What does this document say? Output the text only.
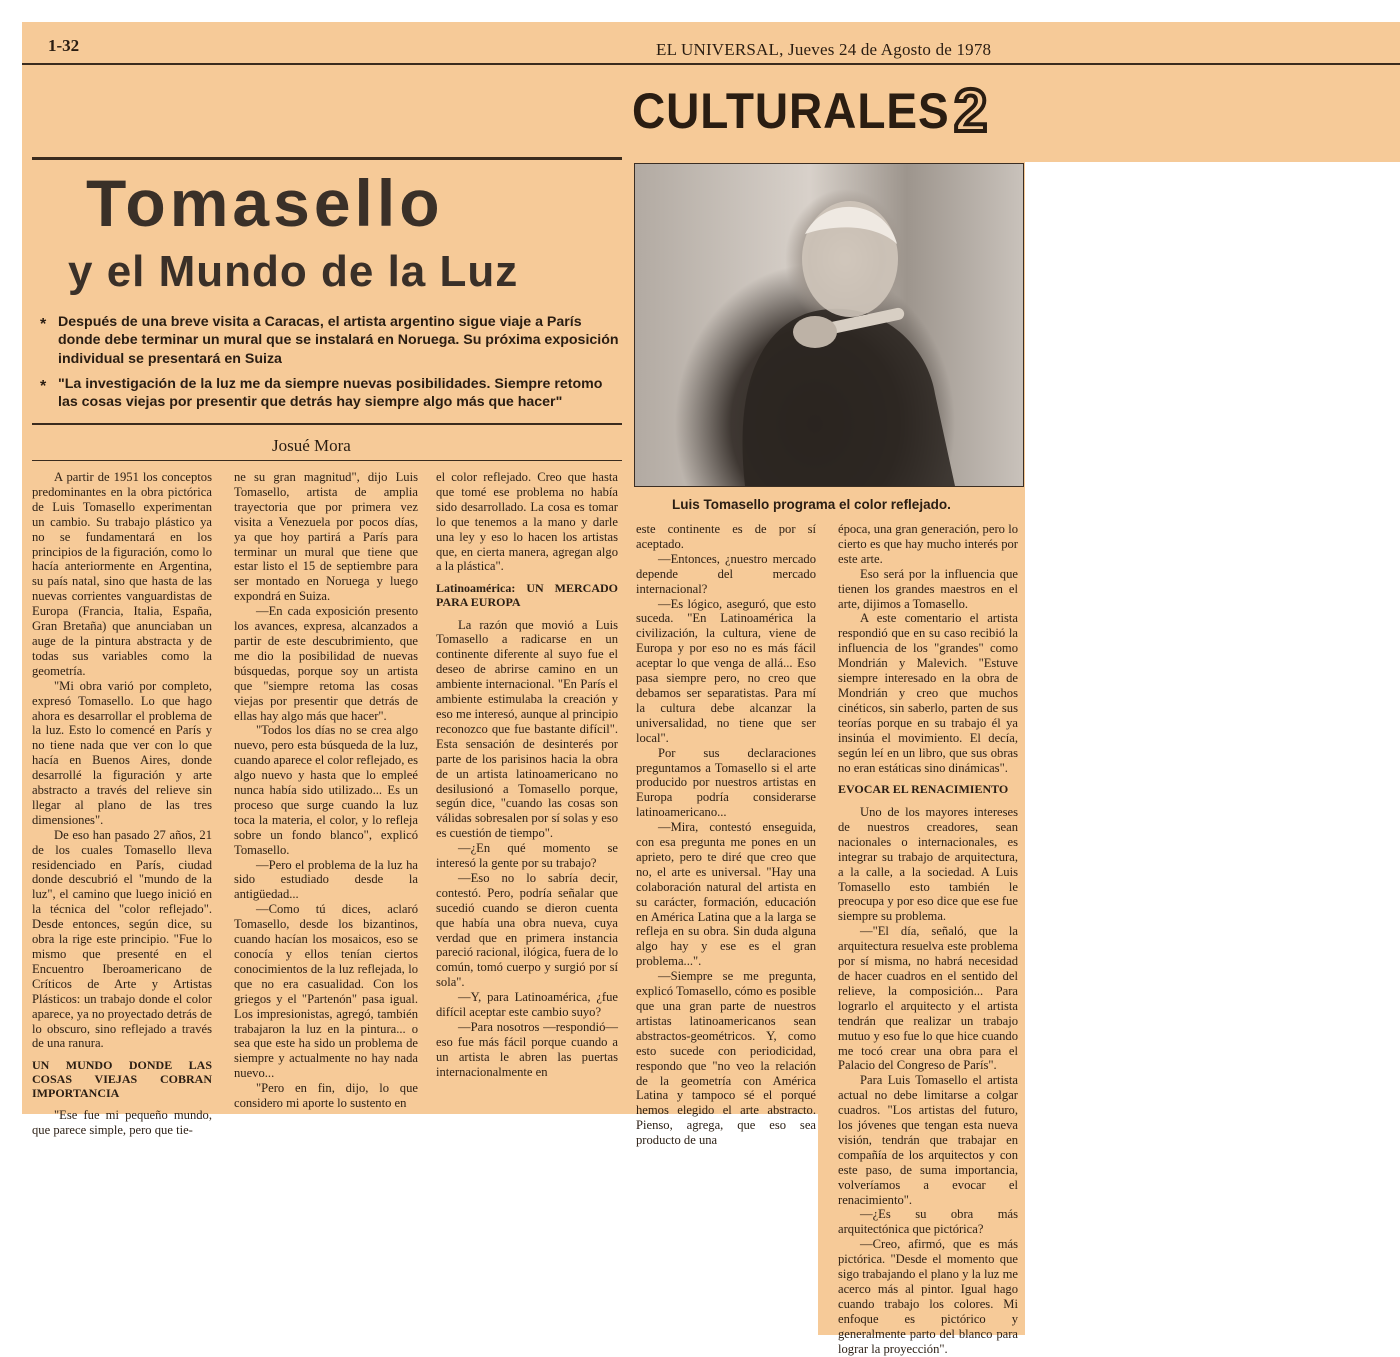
1-32	EL UNIVERSAL, Jueves 24 de Agosto de 1978
CULTURALES 2
Tomasello
y el Mundo de la Luz
* Después de una breve visita a Caracas, el artista argentino sigue viaje a París donde debe terminar un mural que se instalará en Noruega. Su próxima exposición individual se presentará en Suiza
* "La investigación de la luz me da siempre nuevas posibilidades. Siempre retomo las cosas viejas por presentir que detrás hay siempre algo más que hacer"
Josué Mora
Luis Tomasello programa el color reflejado.

A partir de 1951 los conceptos predominantes en la obra pictórica de Luis Tomasello experimentan un cambio. Su trabajo plástico ya no se fundamentará en los principios de la figuración, como lo hacía anteriormente en Argentina, su país natal, sino que hasta de las nuevas corrientes vanguardistas de Europa (Francia, Italia, España, Gran Bretaña) que anunciaban un auge de la pintura abstracta y de todas sus variables como la geometría.

"Mi obra varió por completo, expresó Tomasello. Lo que hago ahora es desarrollar el problema de la luz. Esto lo comencé en París y no tiene nada que ver con lo que hacía en Buenos Aires, donde desarrollé la figuración y arte abstracto a través del relieve sin llegar al plano de las tres dimensiones".

De eso han pasado 27 años, 21 de los cuales Tomasello lleva residenciado en París, ciudad donde descubrió el "mundo de la luz", el camino que luego inició en la técnica del "color reflejado". Desde entonces, según dice, su obra la rige este principio. "Fue lo mismo que presenté en el Encuentro Iberoamericano de Críticos de Arte y Artistas Plásticos: un trabajo donde el color aparece, ya no proyectado detrás de lo obscuro, sino reflejado a través de una ranura.

UN MUNDO DONDE LAS COSAS VIEJAS COBRAN IMPORTANCIA

"Ese fue mi pequeño mundo, que parece simple, pero que tie-

ne su gran magnitud", dijo Luis Tomasello, artista de amplia trayectoria que por primera vez visita a Venezuela por pocos días, ya que hoy partirá a París para terminar un mural que tiene que estar listo el 15 de septiembre para ser montado en Noruega y luego expondrá en Suiza.

—En cada exposición presento los avances, expresa, alcanzados a partir de este descubrimiento, que me dio la posibilidad de nuevas búsquedas, porque soy un artista que "siempre retoma las cosas viejas por presentir que detrás de ellas hay algo más que hacer".

"Todos los días no se crea algo nuevo, pero esta búsqueda de la luz, cuando aparece el color reflejado, es algo nuevo y hasta que lo empleé nunca había sido utilizado... Es un proceso que surge cuando la luz toca la materia, el color, y lo refleja sobre un fondo blanco", explicó Tomasello.

—Pero el problema de la luz ha sido estudiado desde la antigüedad...

—Como tú dices, aclaró Tomasello, desde los bizantinos, cuando hacían los mosaicos, eso se conocía y ellos tenían ciertos conocimientos de la luz reflejada, lo que no era casualidad. Con los griegos y el "Partenón" pasa igual. Los impresionistas, agregó, también trabajaron la luz en la pintura... o sea que este ha sido un problema de siempre y actualmente no hay nada nuevo...

"Pero en fin, dijo, lo que considero mi aporte lo sustento en

el color reflejado. Creo que hasta que tomé ese problema no había sido desarrollado. La cosa es tomar lo que tenemos a la mano y darle una ley y eso lo hacen los artistas que, en cierta manera, agregan algo a la plástica".

Latinoamérica: UN MERCADO PARA EUROPA

La razón que movió a Luis Tomasello a radicarse en un continente diferente al suyo fue el deseo de abrirse camino en un ambiente internacional. "En París el ambiente estimulaba la creación y eso me interesó, aunque al principio reconozco que fue bastante difícil". Esta sensación de desinterés por parte de los parisinos hacia la obra de un artista latinoamericano no desilusionó a Tomasello porque, según dice, "cuando las cosas son válidas sobresalen por sí solas y eso es cuestión de tiempo".

—¿En qué momento se interesó la gente por su trabajo?

—Eso no lo sabría decir, contestó. Pero, podría señalar que sucedió cuando se dieron cuenta que había una obra nueva, cuya verdad que en primera instancia pareció racional, ilógica, fuera de lo común, tomó cuerpo y surgió por sí sola".

—Y, para Latinoamérica, ¿fue difícil aceptar este cambio suyo?

—Para nosotros —respondió— eso fue más fácil porque cuando a un artista le abren las puertas internacionalmente en

este continente es de por sí aceptado.

—Entonces, ¿nuestro mercado depende del mercado internacional?

—Es lógico, aseguró, que esto suceda. "En Latinoamérica la civilización, la cultura, viene de Europa y por eso no es más fácil aceptar lo que venga de allá... Eso pasa siempre pero, no creo que debamos ser separatistas. Para mí la cultura debe alcanzar la universalidad, no tiene que ser local".

Por sus declaraciones preguntamos a Tomasello si el arte producido por nuestros artistas en Europa podría considerarse latinoamericano...

—Mira, contestó enseguida, con esa pregunta me pones en un aprieto, pero te diré que creo que no, el arte es universal. "Hay una colaboración natural del artista en su carácter, formación, educación en América Latina que a la larga se refleja en su obra. Sin duda alguna algo hay y ese es el gran problema...".

—Siempre se me pregunta, explicó Tomasello, cómo es posible que una gran parte de nuestros artistas latinoamericanos sean abstractos-geométricos. Y, como esto sucede con periodicidad, respondo que "no veo la relación de la geometría con América Latina y tampoco sé el porqué hemos elegido el arte abstracto. Pienso, agrega, que eso sea producto de una

época, una gran generación, pero lo cierto es que hay mucho interés por este arte.

Eso será por la influencia que tienen los grandes maestros en el arte, dijimos a Tomasello.

A este comentario el artista respondió que en su caso recibió la influencia de los "grandes" como Mondrián y Malevich. "Estuve siempre interesado en la obra de Mondrián y creo que muchos cinéticos, sin saberlo, parten de sus teorías porque en su trabajo él ya insinúa el movimiento. El decía, según leí en un libro, que sus obras no eran estáticas sino dinámicas".

EVOCAR EL RENACIMIENTO

Uno de los mayores intereses de nuestros creadores, sean nacionales o internacionales, es integrar su trabajo de arquitectura, a la calle, a la sociedad. A Luis Tomasello esto también le preocupa y por eso dice que ese fue siempre su problema.

—"El día, señaló, que la arquitectura resuelva este problema por sí misma, no habrá necesidad de hacer cuadros en el sentido del relieve, la composición... Para lograrlo el arquitecto y el artista tendrán que realizar un trabajo mutuo y eso fue lo que hice cuando me tocó crear una obra para el Palacio del Congreso de París".

Para Luis Tomasello el artista actual no debe limitarse a colgar cuadros. "Los artistas del futuro, los jóvenes que tengan esta nueva visión, tendrán que trabajar en compañía de los arquitectos y con este paso, de suma importancia, volveríamos a evocar el renacimiento".

—¿Es su obra más arquitectónica que pictórica?

—Creo, afirmó, que es más pictórica. "Desde el momento que sigo trabajando el plano y la luz me acerco más al pintor. Igual hago cuando trabajo los colores. Mi enfoque es pictórico y generalmente parto del blanco para lograr la proyección".
